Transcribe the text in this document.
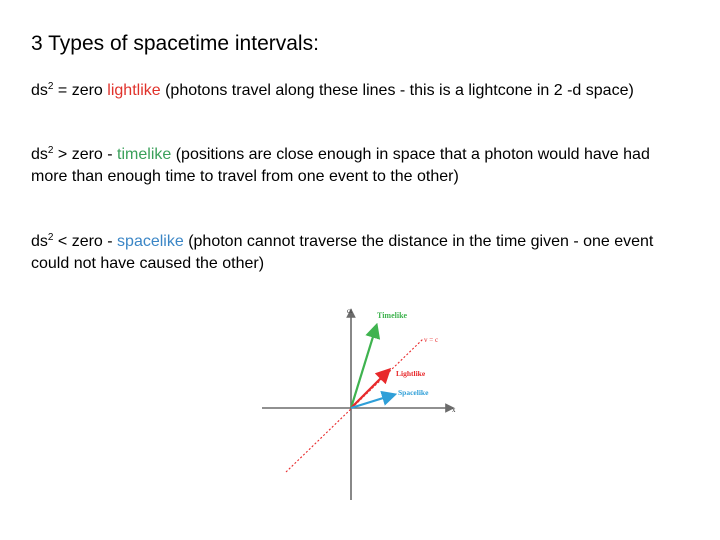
3 Types of spacetime intervals:
$ds^2$ = zero lightlike (photons travel along these lines - this is a lightcone in 2 -d space)
$ds^2$ > zero - timelike (positions are close enough in space that a photon would have had more than enough time to travel from one event to the other)
$ds^2$ < zero - spacelike (photon cannot traverse the distance in the time given - one event could not have caused the other)
ct
x
v = c
Timelike
Lightlike
Spacelike
